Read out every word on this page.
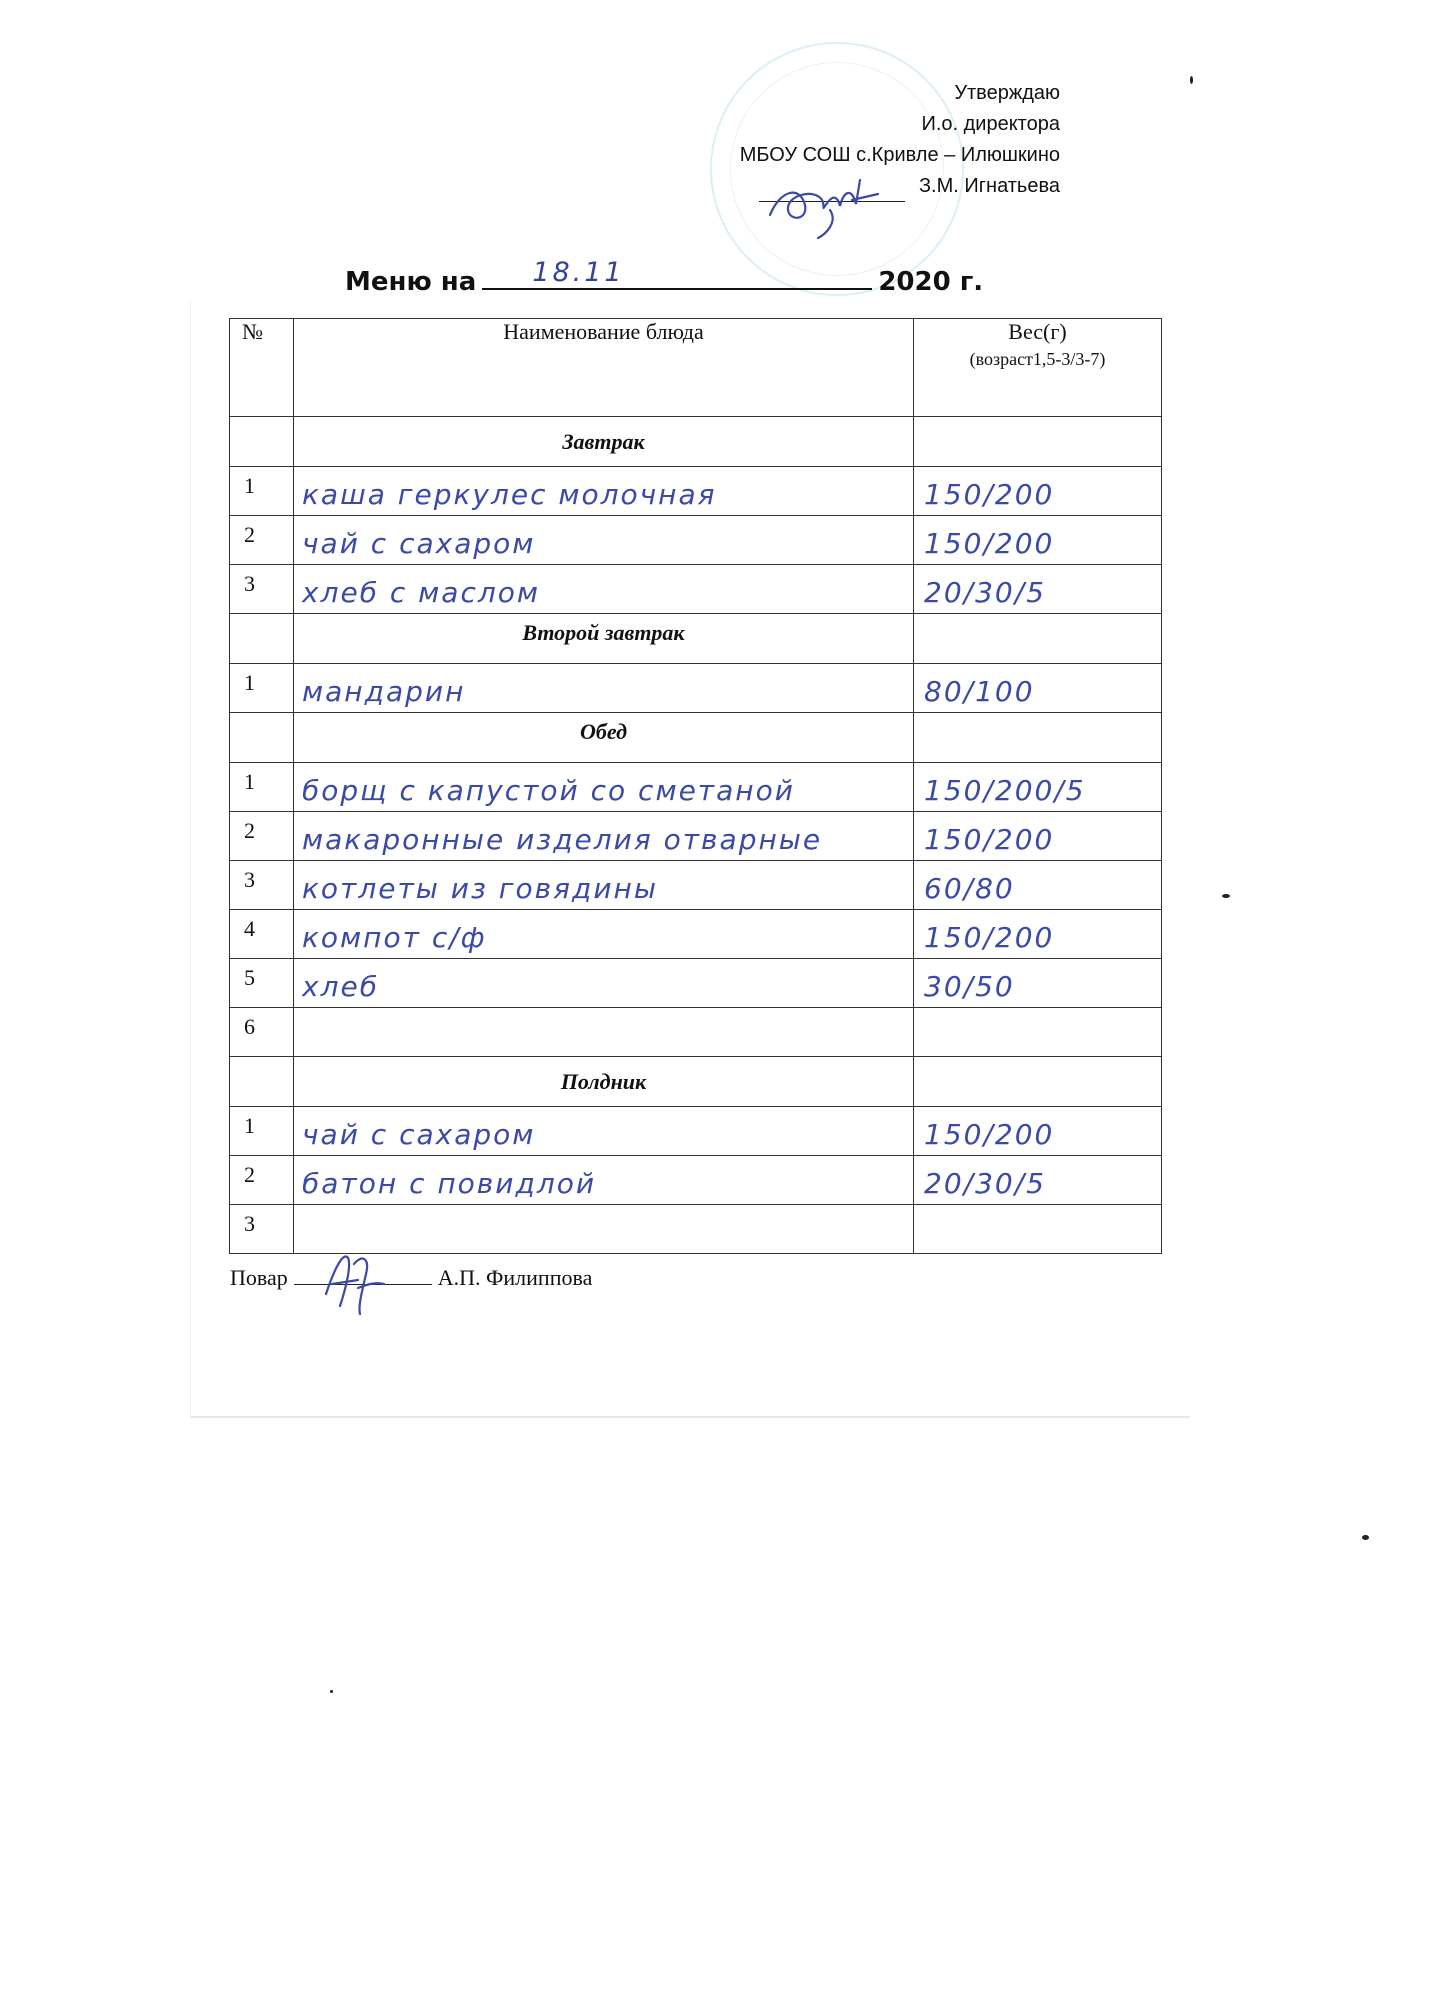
Утверждаю
И.о. директора
МБОУ СОШ с.Кривле – Илюшкино
З.М. Игнатьева
Меню на 18.11	2020 г.
№	Наименование блюда	Вес(г)
(возраст1,5-3/3-7)

	Завтрак	
1	каша геркулес молочная	150/200
2	чай с сахаром	150/200
3	хлеб с маслом	20/30/5
	Второй завтрак	
1	мандарин	80/100
	Обед	
1	борщ с капустой со сметаной	150/200/5
2	макаронные изделия отварные	150/200
3	котлеты из говядины	60/80
4	компот с/ф	150/200
5	хлеб	30/50
6		
	Полдник	
1	чай с сахаром	150/200
2	батон с повидлой	20/30/5
3		
Повар	А.П. Филиппова
